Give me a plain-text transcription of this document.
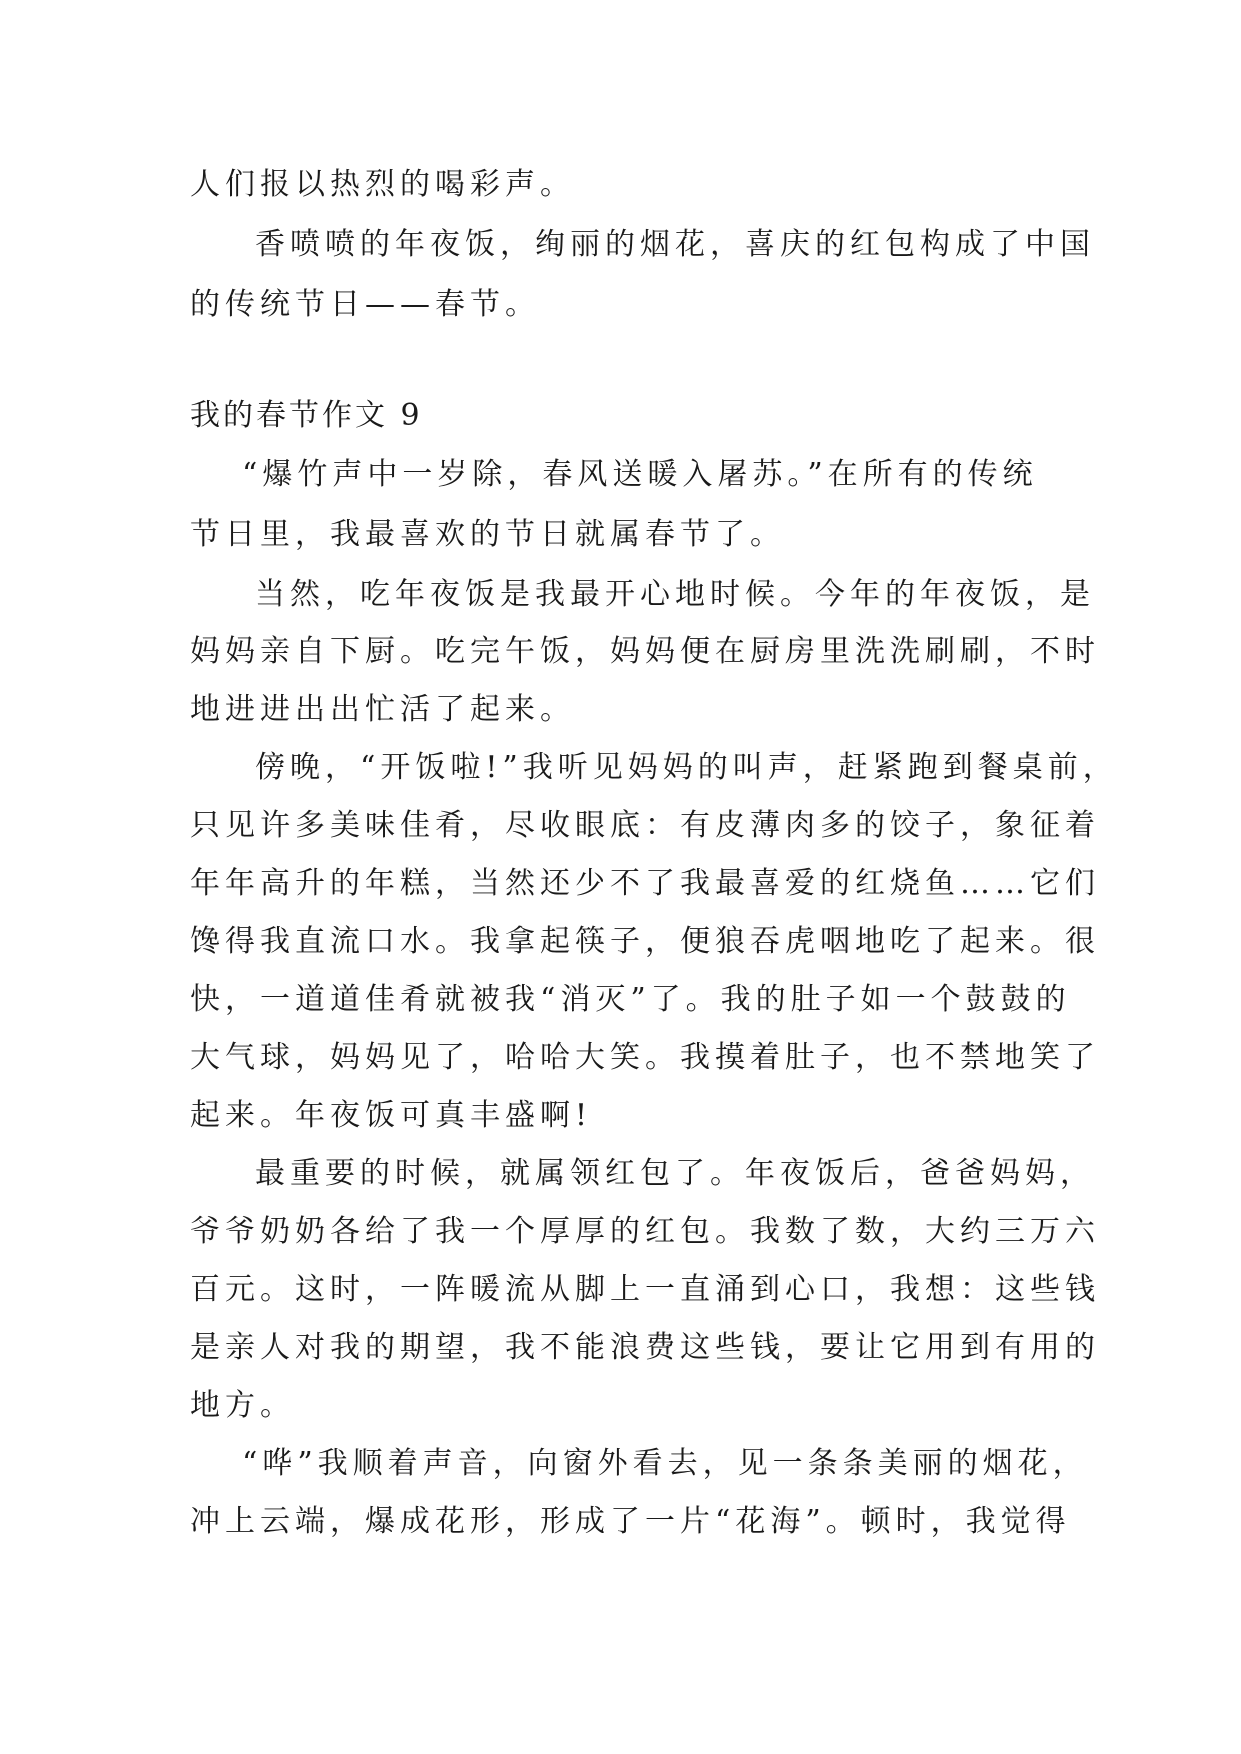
人们报以热烈的喝彩声。
香喷喷的年夜饭，绚丽的烟花，喜庆的红包构成了中国
的传统节日——春节。
我的春节作文 9
“爆竹声中一岁除，春风送暖入屠苏。”在所有的传统
节日里，我最喜欢的节日就属春节了。
当然，吃年夜饭是我最开心地时候。今年的年夜饭，是
妈妈亲自下厨。吃完午饭，妈妈便在厨房里洗洗刷刷，不时
地进进出出忙活了起来。
傍晚，“开饭啦!”我听见妈妈的叫声，赶紧跑到餐桌前，
只见许多美味佳肴，尽收眼底：有皮薄肉多的饺子，象征着
年年高升的年糕，当然还少不了我最喜爱的红烧鱼……它们
馋得我直流口水。我拿起筷子，便狼吞虎咽地吃了起来。很
快，一道道佳肴就被我“消灭”了。我的肚子如一个鼓鼓的
大气球，妈妈见了，哈哈大笑。我摸着肚子，也不禁地笑了
起来。年夜饭可真丰盛啊!
最重要的时候，就属领红包了。年夜饭后，爸爸妈妈，
爷爷奶奶各给了我一个厚厚的红包。我数了数，大约三万六
百元。这时，一阵暖流从脚上一直涌到心口，我想：这些钱
是亲人对我的期望，我不能浪费这些钱，要让它用到有用的
地方。
“哗”我顺着声音，向窗外看去，见一条条美丽的烟花，
冲上云端，爆成花形，形成了一片“花海”。顿时，我觉得
